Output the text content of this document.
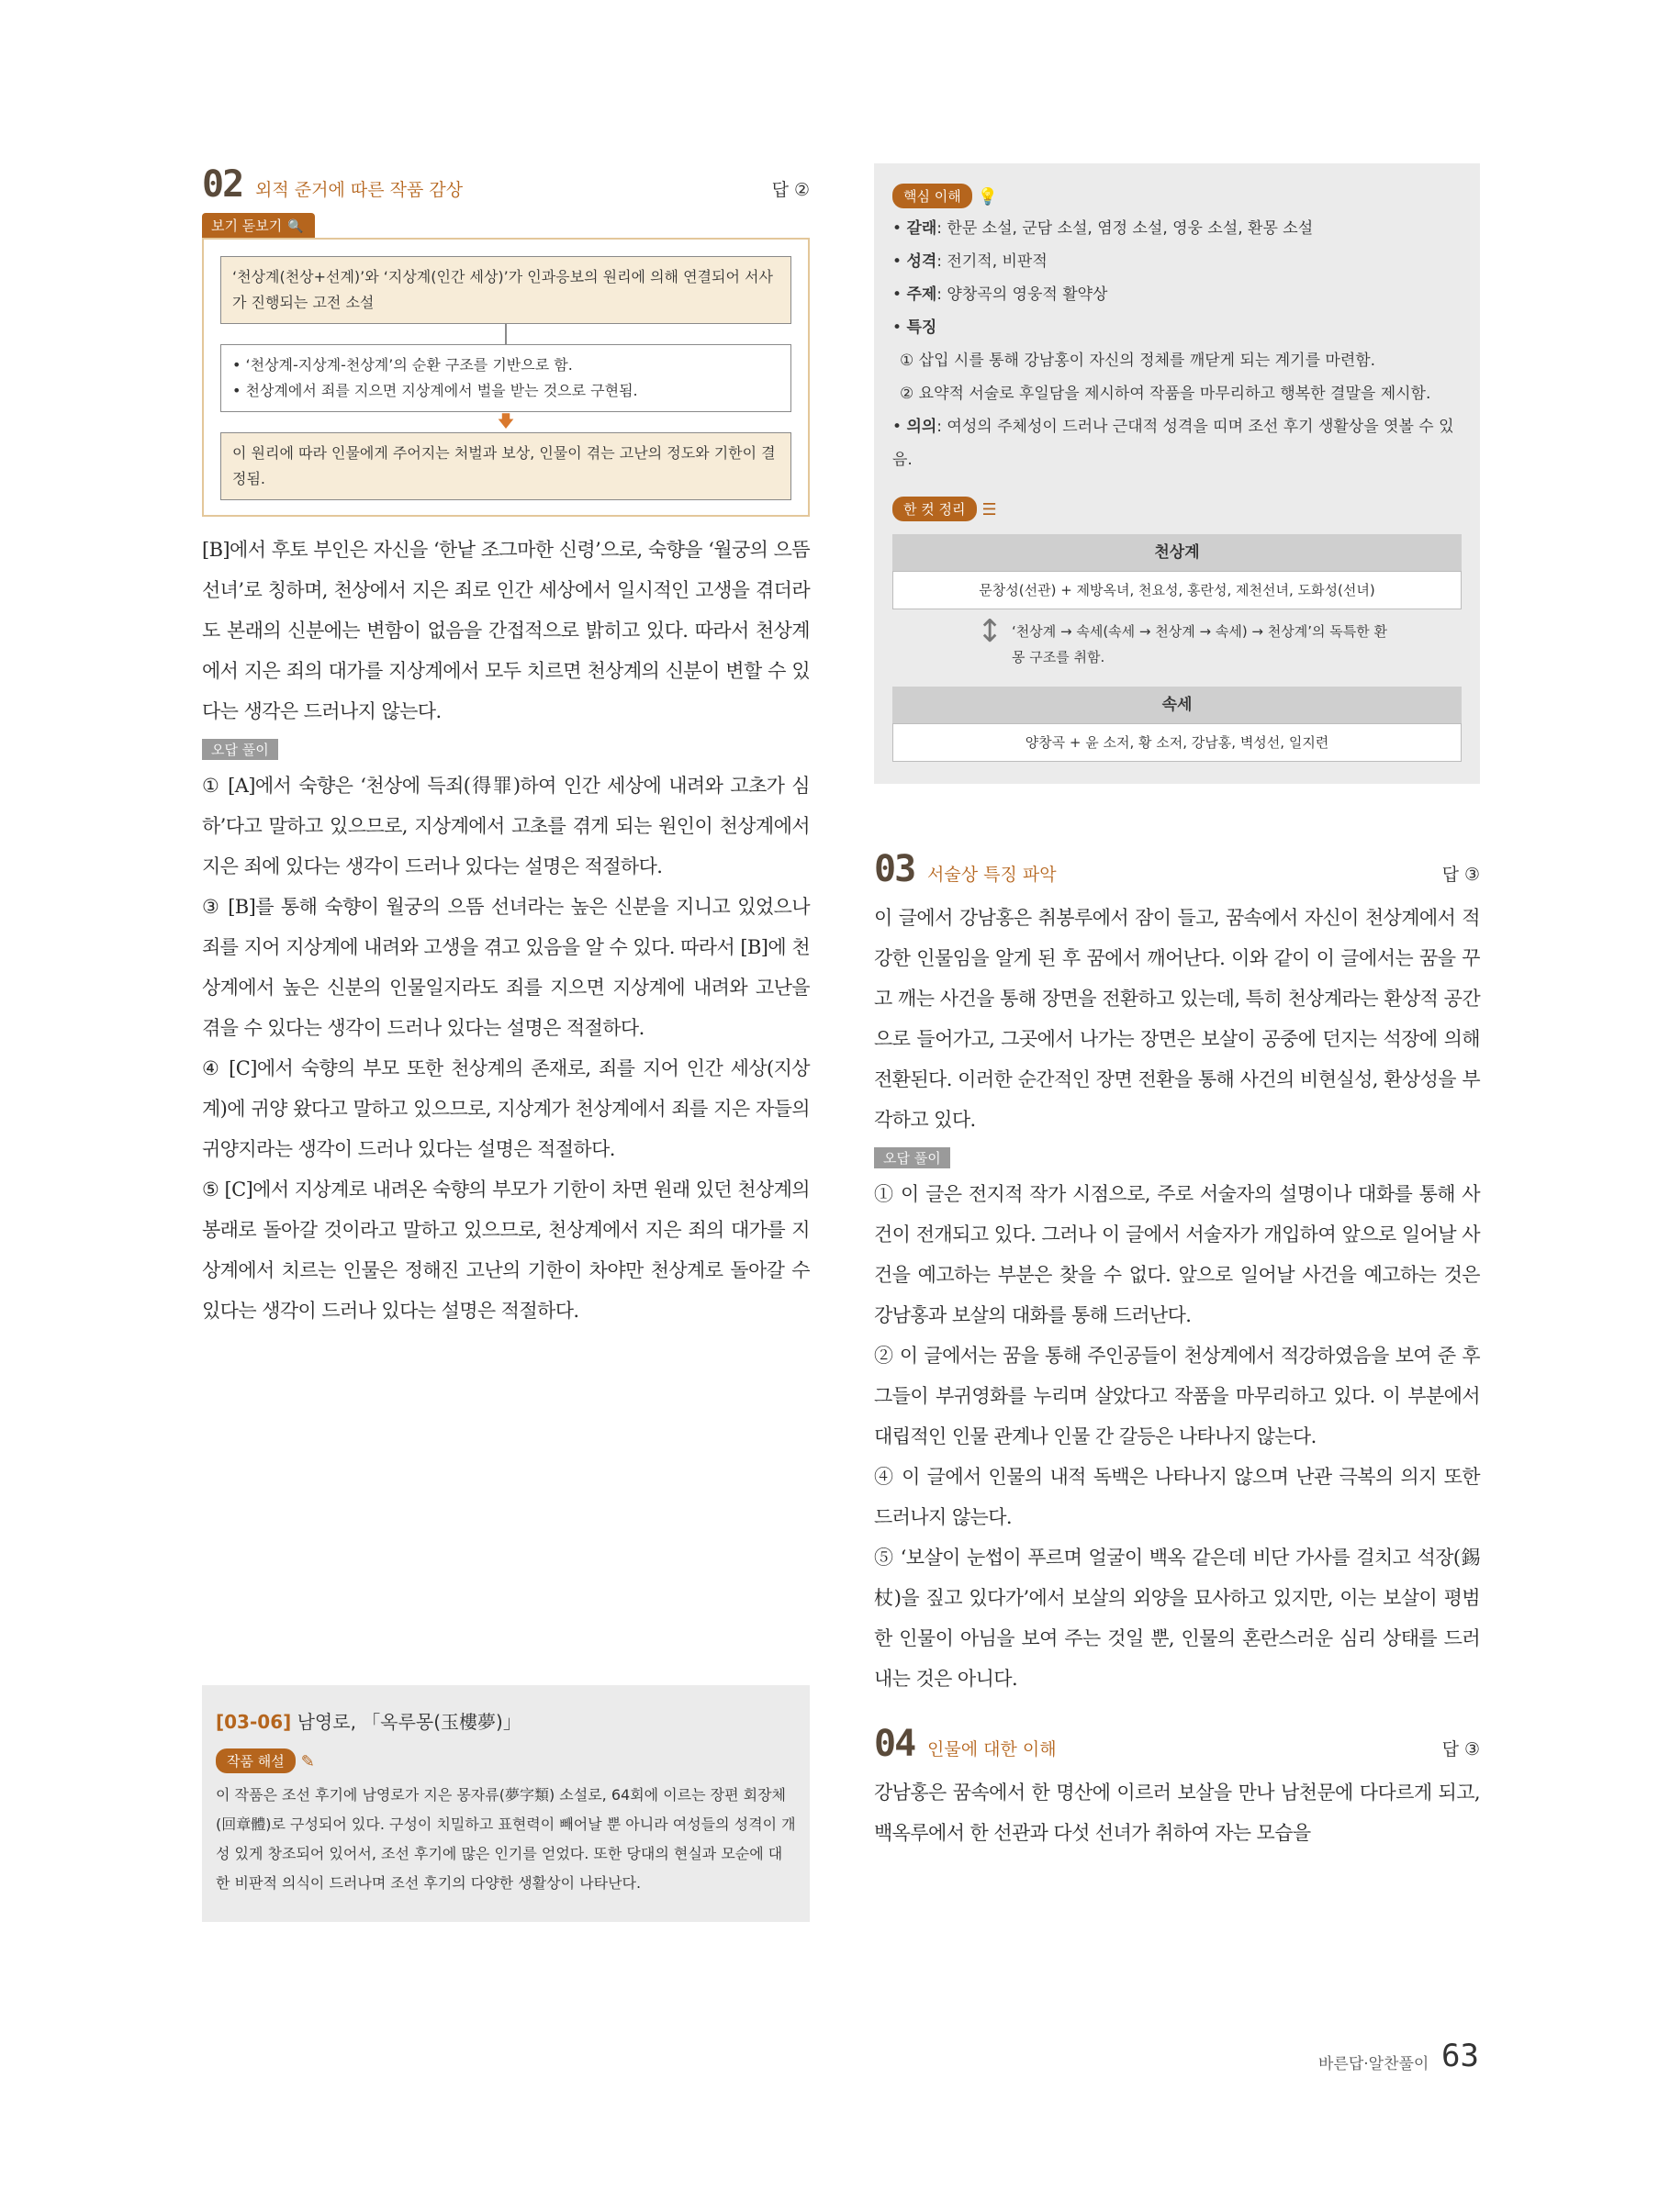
02 외적 준거에 따른 작품 감상	답 ②
보기 돋보기 🔍
‘천상계(천상+선계)’와 ‘지상계(인간 세상)’가 인과응보의 원리에 의해 연결되어 서사가 진행되는 고전 소설
• ‘천상계-지상계-천상계’의 순환 구조를 기반으로 함.
• 천상계에서 죄를 지으면 지상계에서 벌을 받는 것으로 구현됨.
🡇
이 원리에 따라 인물에게 주어지는 처벌과 보상, 인물이 겪는 고난의 정도와 기한이 결정됨.
[B]에서 후토 부인은 자신을 ‘한낱 조그마한 신령’으로, 숙향을 ‘월궁의 으뜸 선녀’로 칭하며, 천상에서 지은 죄로 인간 세상에서 일시적인 고생을 겪더라도 본래의 신분에는 변함이 없음을 간접적으로 밝히고 있다. 따라서 천상계에서 지은 죄의 대가를 지상계에서 모두 치르면 천상계의 신분이 변할 수 있다는 생각은 드러나지 않는다.
오답 풀이
① [A]에서 숙향은 ‘천상에 득죄(得罪)하여 인간 세상에 내려와 고초가 심하’다고 말하고 있으므로, 지상계에서 고초를 겪게 되는 원인이 천상계에서 지은 죄에 있다는 생각이 드러나 있다는 설명은 적절하다.
③ [B]를 통해 숙향이 월궁의 으뜸 선녀라는 높은 신분을 지니고 있었으나 죄를 지어 지상계에 내려와 고생을 겪고 있음을 알 수 있다. 따라서 [B]에 천상계에서 높은 신분의 인물일지라도 죄를 지으면 지상계에 내려와 고난을 겪을 수 있다는 생각이 드러나 있다는 설명은 적절하다.
④ [C]에서 숙향의 부모 또한 천상계의 존재로, 죄를 지어 인간 세상(지상계)에 귀양 왔다고 말하고 있으므로, 지상계가 천상계에서 죄를 지은 자들의 귀양지라는 생각이 드러나 있다는 설명은 적절하다.
⑤ [C]에서 지상계로 내려온 숙향의 부모가 기한이 차면 원래 있던 천상계의 봉래로 돌아갈 것이라고 말하고 있으므로, 천상계에서 지은 죄의 대가를 지상계에서 치르는 인물은 정해진 고난의 기한이 차야만 천상계로 돌아갈 수 있다는 생각이 드러나 있다는 설명은 적절하다.
[03-06] 남영로, 「옥루몽(玉樓夢)」
작품 해설 ✎
이 작품은 조선 후기에 남영로가 지은 몽자류(夢字類) 소설로, 64회에 이르는 장편 회장체(回章體)로 구성되어 있다. 구성이 치밀하고 표현력이 빼어날 뿐 아니라 여성들의 성격이 개성 있게 창조되어 있어서, 조선 후기에 많은 인기를 얻었다. 또한 당대의 현실과 모순에 대한 비판적 의식이 드러나며 조선 후기의 다양한 생활상이 나타난다.
핵심 이해 💡
• 갈래: 한문 소설, 군담 소설, 염정 소설, 영웅 소설, 환몽 소설
• 성격: 전기적, 비판적
• 주제: 양창곡의 영웅적 활약상
• 특징
① 삽입 시를 통해 강남홍이 자신의 정체를 깨닫게 되는 계기를 마련함.
② 요약적 서술로 후일담을 제시하여 작품을 마무리하고 행복한 결말을 제시함.
• 의의: 여성의 주체성이 드러나 근대적 성격을 띠며 조선 후기 생활상을 엿볼 수 있음.
한 컷 정리 ☰
천상계
문창성(선관) + 제방옥녀, 천요성, 홍란성, 제천선녀, 도화성(선녀)
↕ ‘천상계 → 속세(속세 → 천상계 → 속세) → 천상계’의 독특한 환몽 구조를 취함.
속세
양창곡 + 윤 소저, 황 소저, 강남홍, 벽성선, 일지련
03 서술상 특징 파악	답 ③
이 글에서 강남홍은 취봉루에서 잠이 들고, 꿈속에서 자신이 천상계에서 적강한 인물임을 알게 된 후 꿈에서 깨어난다. 이와 같이 이 글에서는 꿈을 꾸고 깨는 사건을 통해 장면을 전환하고 있는데, 특히 천상계라는 환상적 공간으로 들어가고, 그곳에서 나가는 장면은 보살이 공중에 던지는 석장에 의해 전환된다. 이러한 순간적인 장면 전환을 통해 사건의 비현실성, 환상성을 부각하고 있다.
오답 풀이
① 이 글은 전지적 작가 시점으로, 주로 서술자의 설명이나 대화를 통해 사건이 전개되고 있다. 그러나 이 글에서 서술자가 개입하여 앞으로 일어날 사건을 예고하는 부분은 찾을 수 없다. 앞으로 일어날 사건을 예고하는 것은 강남홍과 보살의 대화를 통해 드러난다.
② 이 글에서는 꿈을 통해 주인공들이 천상계에서 적강하였음을 보여 준 후 그들이 부귀영화를 누리며 살았다고 작품을 마무리하고 있다. 이 부분에서 대립적인 인물 관계나 인물 간 갈등은 나타나지 않는다.
④ 이 글에서 인물의 내적 독백은 나타나지 않으며 난관 극복의 의지 또한 드러나지 않는다.
⑤ ‘보살이 눈썹이 푸르며 얼굴이 백옥 같은데 비단 가사를 걸치고 석장(錫杖)을 짚고 있다가’에서 보살의 외양을 묘사하고 있지만, 이는 보살이 평범한 인물이 아님을 보여 주는 것일 뿐, 인물의 혼란스러운 심리 상태를 드러내는 것은 아니다.
04 인물에 대한 이해	답 ③
강남홍은 꿈속에서 한 명산에 이르러 보살을 만나 남천문에 다다르게 되고, 백옥루에서 한 선관과 다섯 선녀가 취하여 자는 모습을
바른답·알찬풀이 63
